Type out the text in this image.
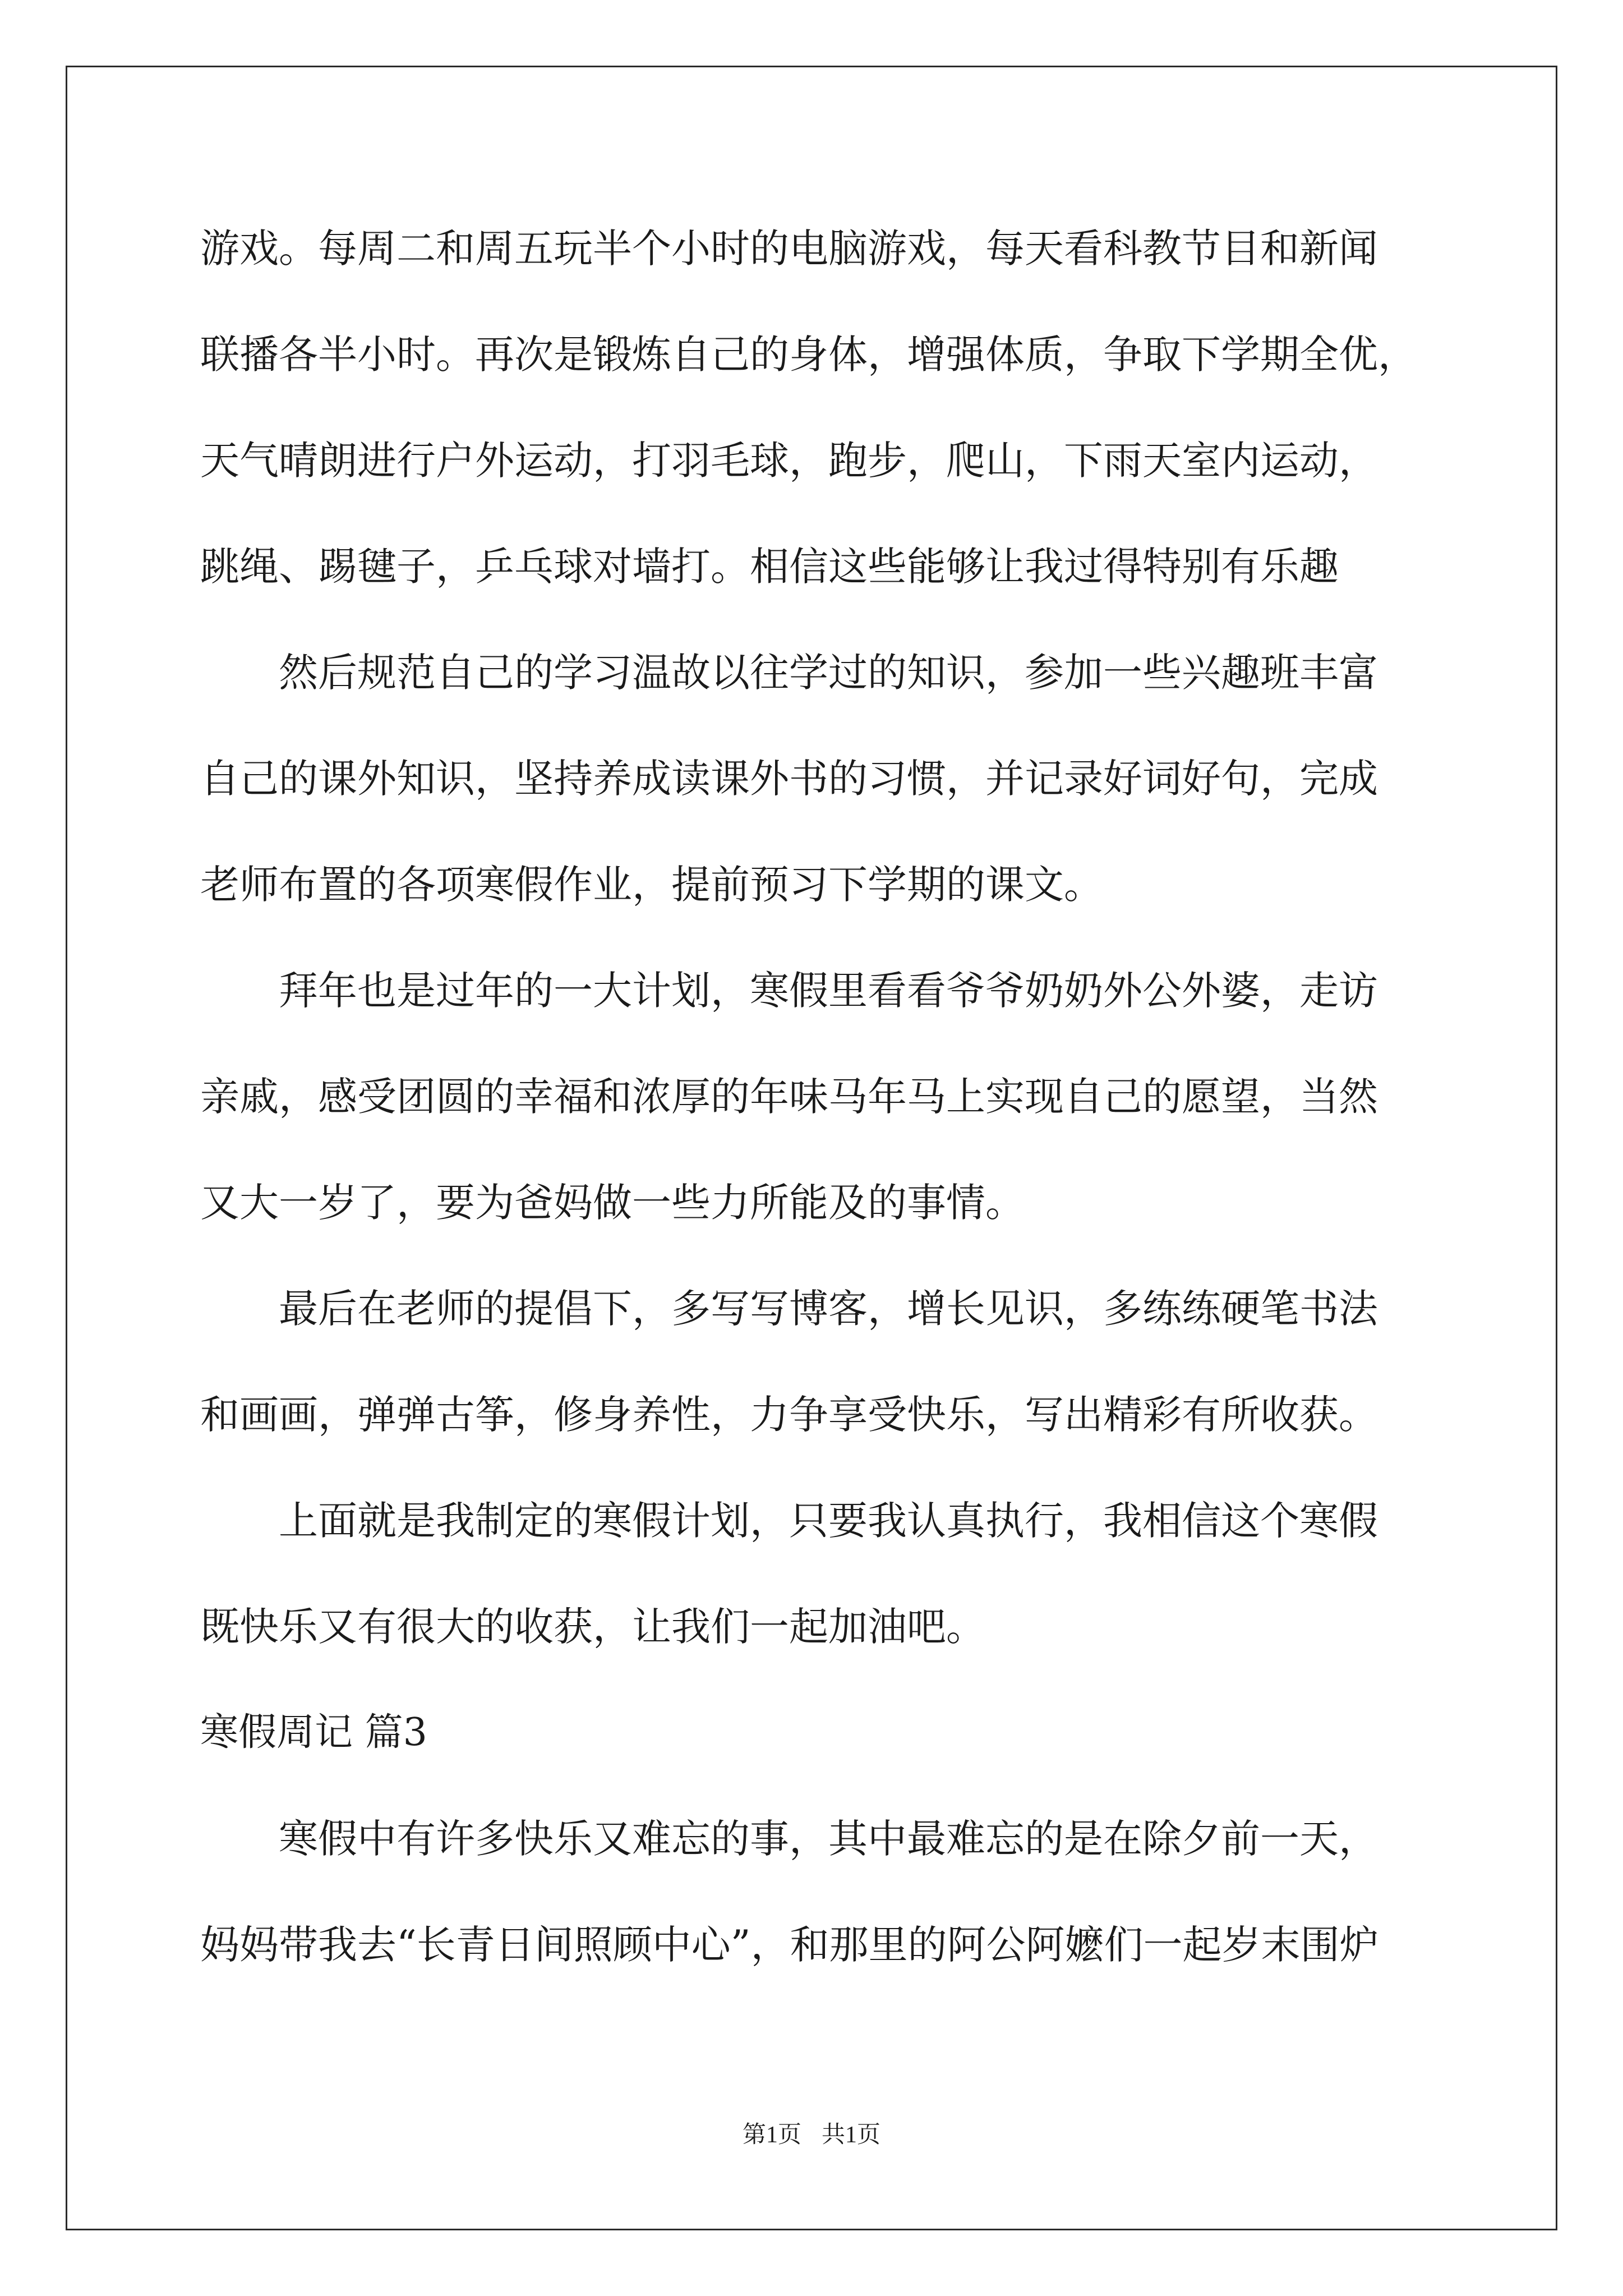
游戏。每周二和周五玩半个小时的电脑游戏，每天看科教节目和新闻
联播各半小时。再次是锻炼自己的身体，增强体质，争取下学期全优，
天气晴朗进行户外运动，打羽毛球，跑步，爬山，下雨天室内运动，
跳绳、踢毽子，乒乓球对墙打。相信这些能够让我过得特别有乐趣
然后规范自己的学习温故以往学过的知识，参加一些兴趣班丰富
自己的课外知识，坚持养成读课外书的习惯，并记录好词好句，完成
老师布置的各项寒假作业，提前预习下学期的课文。
拜年也是过年的一大计划，寒假里看看爷爷奶奶外公外婆，走访
亲戚，感受团圆的幸福和浓厚的年味马年马上实现自己的愿望，当然
又大一岁了，要为爸妈做一些力所能及的事情。
最后在老师的提倡下，多写写博客，增长见识，多练练硬笔书法
和画画，弹弹古筝，修身养性，力争享受快乐，写出精彩有所收获。
上面就是我制定的寒假计划，只要我认真执行，我相信这个寒假
既快乐又有很大的收获，让我们一起加油吧。
寒假周记 篇3
寒假中有许多快乐又难忘的事，其中最难忘的是在除夕前一天，
妈妈带我去“长青日间照顾中心”，和那里的阿公阿嬷们一起岁末围炉
第1页 共1页
